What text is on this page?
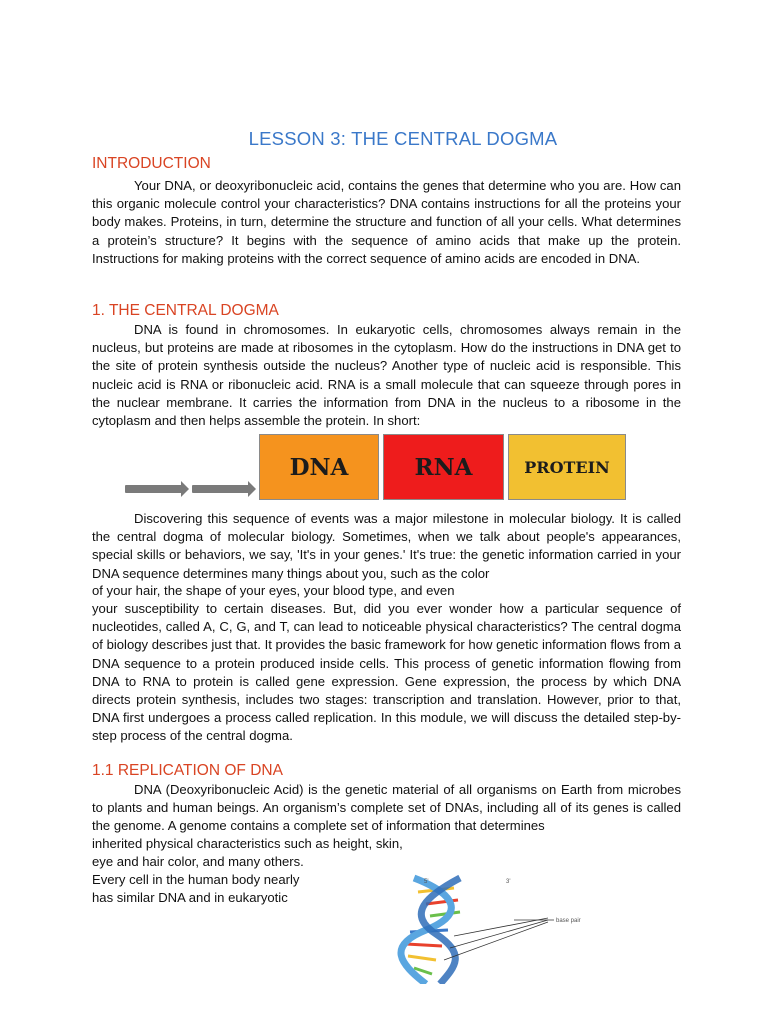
LESSON 3: THE CENTRAL DOGMA
INTRODUCTION

Your DNA, or deoxyribonucleic acid, contains the genes that determine who you are. How can this organic molecule control your characteristics? DNA contains instructions for all the proteins your body makes. Proteins, in turn, determine the structure and function of all your cells. What determines a protein’s structure? It begins with the sequence of amino acids that make up the protein. Instructions for making proteins with the correct sequence of amino acids are encoded in DNA.

1. THE CENTRAL DOGMA

DNA is found in chromosomes. In eukaryotic cells, chromosomes always remain in the nucleus, but proteins are made at ribosomes in the cytoplasm. How do the instructions in DNA get to the site of protein synthesis outside the nucleus? Another type of nucleic acid is responsible. This nucleic acid is RNA or ribonucleic acid. RNA is a small molecule that can squeeze through pores in the nuclear membrane. It carries the information from DNA in the nucleus to a ribosome in the cytoplasm and then helps assemble the protein. In short:

DNA	RNA	PROTEIN

Discovering this sequence of events was a major milestone in molecular biology. It is called the central dogma of molecular biology. Sometimes, when we talk about people's appearances, special skills or behaviors, we say, 'It's in your genes.' It's true: the genetic information carried in your DNA sequence determines many things about you, such as the color

of your hair, the shape of your eyes, your blood type, and even

your susceptibility to certain diseases. But, did you ever wonder how a particular sequence of nucleotides, called A, C, G, and T, can lead to noticeable physical characteristics? The central dogma of biology describes just that. It provides the basic framework for how genetic information flows from a DNA sequence to a protein produced inside cells. This process of genetic information flowing from DNA to RNA to protein is called gene expression. Gene expression, the process by which DNA directs protein synthesis, includes two stages: transcription and translation. However, prior to that, DNA first undergoes a process called replication. In this module, we will discuss the detailed step-by-step process of the central dogma.

1.1 REPLICATION OF DNA

DNA (Deoxyribonucleic Acid) is the genetic material of all organisms on Earth from microbes to plants and human beings. An organism’s complete set of DNAs, including all of its genes is called the genome. A genome contains a complete set of information that determines

inherited physical characteristics such as height, skin,
eye and hair color, and many others.
Every cell in the human body nearly
has similar DNA and in eukaryotic
5'	3'
base pair
